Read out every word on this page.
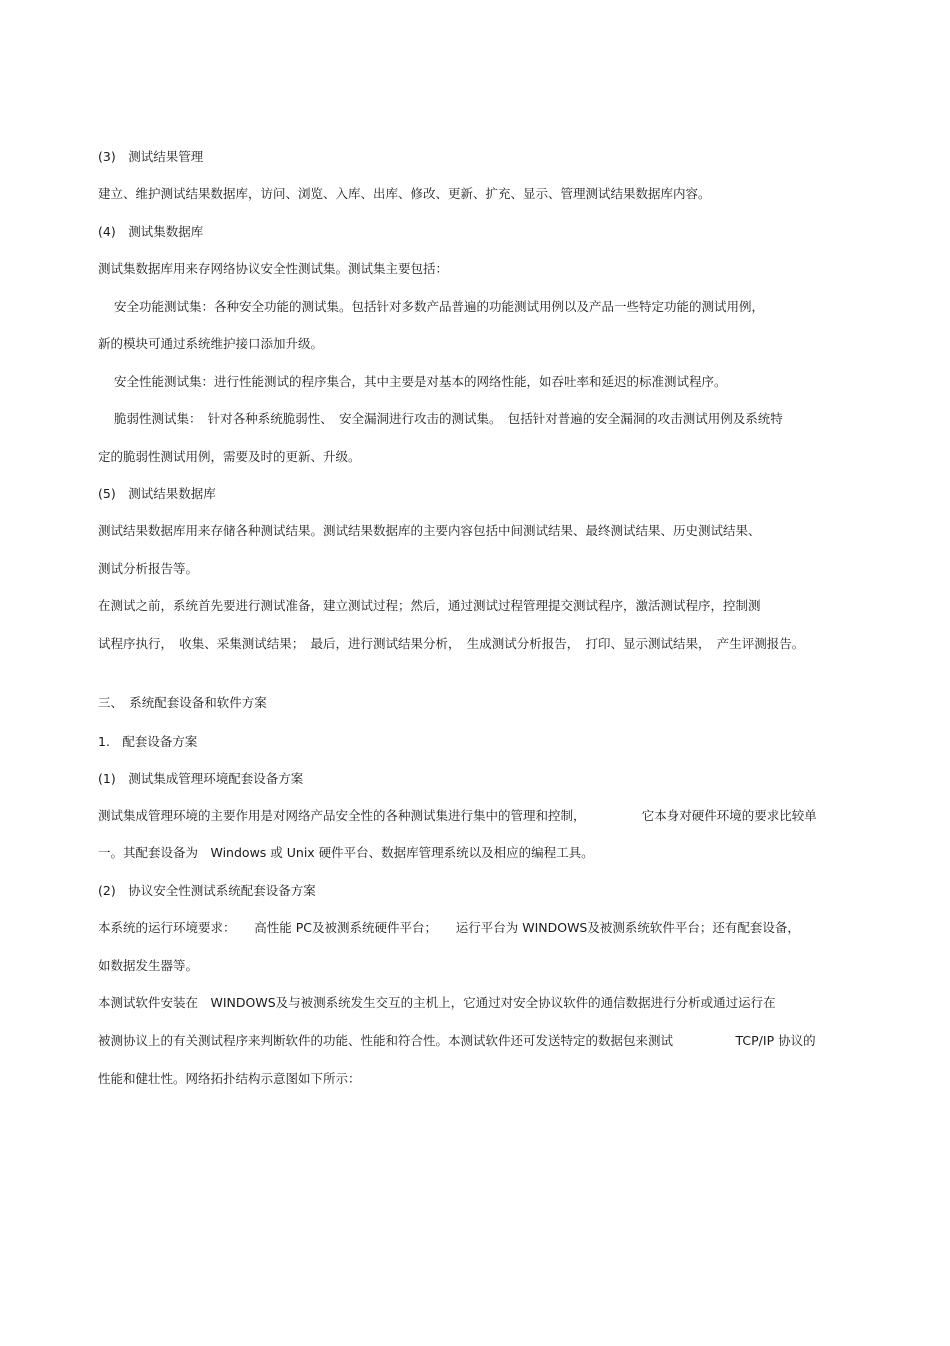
(3)　测试结果管理
建立、维护测试结果数据库，访问、浏览、入库、出库、修改、更新、扩充、显示、管理测试结果数据库内容。
(4)　测试集数据库
测试集数据库用来存网络协议安全性测试集。测试集主要包括：
安全功能测试集：各种安全功能的测试集。包括针对多数产品普遍的功能测试用例以及产品一些特定功能的测试用例，
新的模块可通过系统维护接口添加升级。
安全性能测试集：进行性能测试的程序集合，其中主要是对基本的网络性能，如吞吐率和延迟的标准测试程序。
脆弱性测试集：　针对各种系统脆弱性、　安全漏洞进行攻击的测试集。　包括针对普遍的安全漏洞的攻击测试用例及系统特
定的脆弱性测试用例，需要及时的更新、升级。
(5)　测试结果数据库
测试结果数据库用来存储各种测试结果。测试结果数据库的主要内容包括中间测试结果、最终测试结果、历史测试结果、
测试分析报告等。
在测试之前，系统首先要进行测试准备，建立测试过程；然后，通过测试过程管理提交测试程序，激活测试程序，控制测
试程序执行，　收集、采集测试结果；　最后，进行测试结果分析，　生成测试分析报告，　打印、显示测试结果，　产生评测报告。
三、　系统配套设备和软件方案
1.　配套设备方案
(1)　测试集成管理环境配套设备方案
测试集成管理环境的主要作用是对网络产品安全性的各种测试集进行集中的管理和控制，　　　　　它本身对硬件环境的要求比较单
一。其配套设备为　Windows 或 Unix 硬件平台、数据库管理系统以及相应的编程工具。
(2)　协议安全性测试系统配套设备方案
本系统的运行环境要求：　　高性能 PC及被测系统硬件平台；　　运行平台为 WINDOWS及被测系统软件平台；还有配套设备，
如数据发生器等。
本测试软件安装在　WINDOWS及与被测系统发生交互的主机上，它通过对安全协议软件的通信数据进行分析或通过运行在
被测协议上的有关测试程序来判断软件的功能、性能和符合性。本测试软件还可发送特定的数据包来测试　　　　　TCP/IP 协议的
性能和健壮性。网络拓扑结构示意图如下所示：
